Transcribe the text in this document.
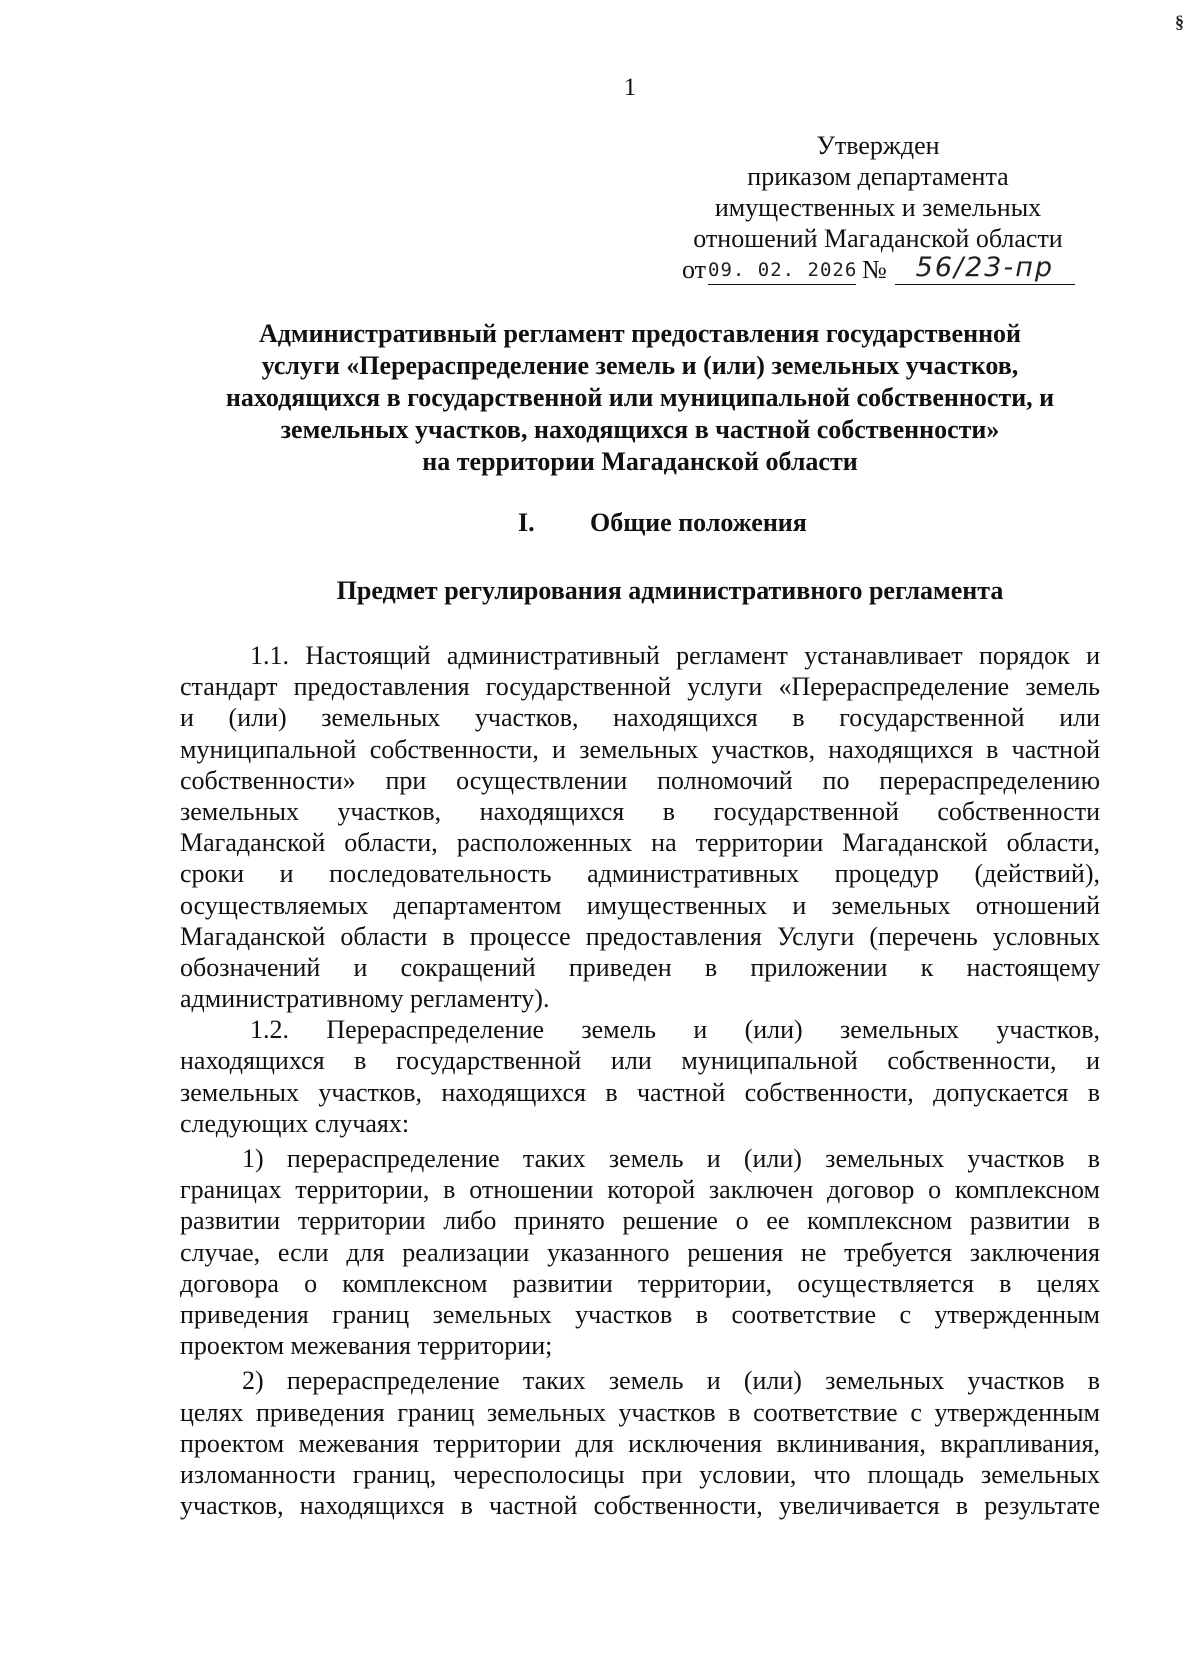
§
1
Утвержден
приказом департамента
имущественных и земельных
отношений Магаданской области
от 09. 02. 2026 №	56/23-пр
Административный регламент предоставления государственной
услуги «Перераспределение земель и (или) земельных участков,
находящихся в государственной или муниципальной собственности, и
земельных участков, находящихся в частной собственности»
на территории Магаданской области
I. Общие положения
Предмет регулирования административного регламента
1.1. Настоящий административный регламент устанавливает порядок и
стандарт предоставления государственной услуги «Перераспределение земель
и (или) земельных участков, находящихся в государственной или
муниципальной собственности, и земельных участков, находящихся в частной
собственности» при осуществлении полномочий по перераспределению
земельных участков, находящихся в государственной собственности
Магаданской области, расположенных на территории Магаданской области,
сроки и последовательность административных процедур (действий),
осуществляемых департаментом имущественных и земельных отношений
Магаданской области в процессе предоставления Услуги (перечень условных
обозначений и сокращений приведен в приложении к настоящему
административному регламенту).
1.2. Перераспределение земель и (или) земельных участков,
находящихся в государственной или муниципальной собственности, и
земельных участков, находящихся в частной собственности, допускается в
следующих случаях:
1) перераспределение таких земель и (или) земельных участков в
границах территории, в отношении которой заключен договор о комплексном
развитии территории либо принято решение о ее комплексном развитии в
случае, если для реализации указанного решения не требуется заключения
договора о комплексном развитии территории, осуществляется в целях
приведения границ земельных участков в соответствие с утвержденным
проектом межевания территории;
2) перераспределение таких земель и (или) земельных участков в
целях приведения границ земельных участков в соответствие с утвержденным
проектом межевания территории для исключения вклинивания, вкрапливания,
изломанности границ, чересполосицы при условии, что площадь земельных
участков, находящихся в частной собственности, увеличивается в результате
